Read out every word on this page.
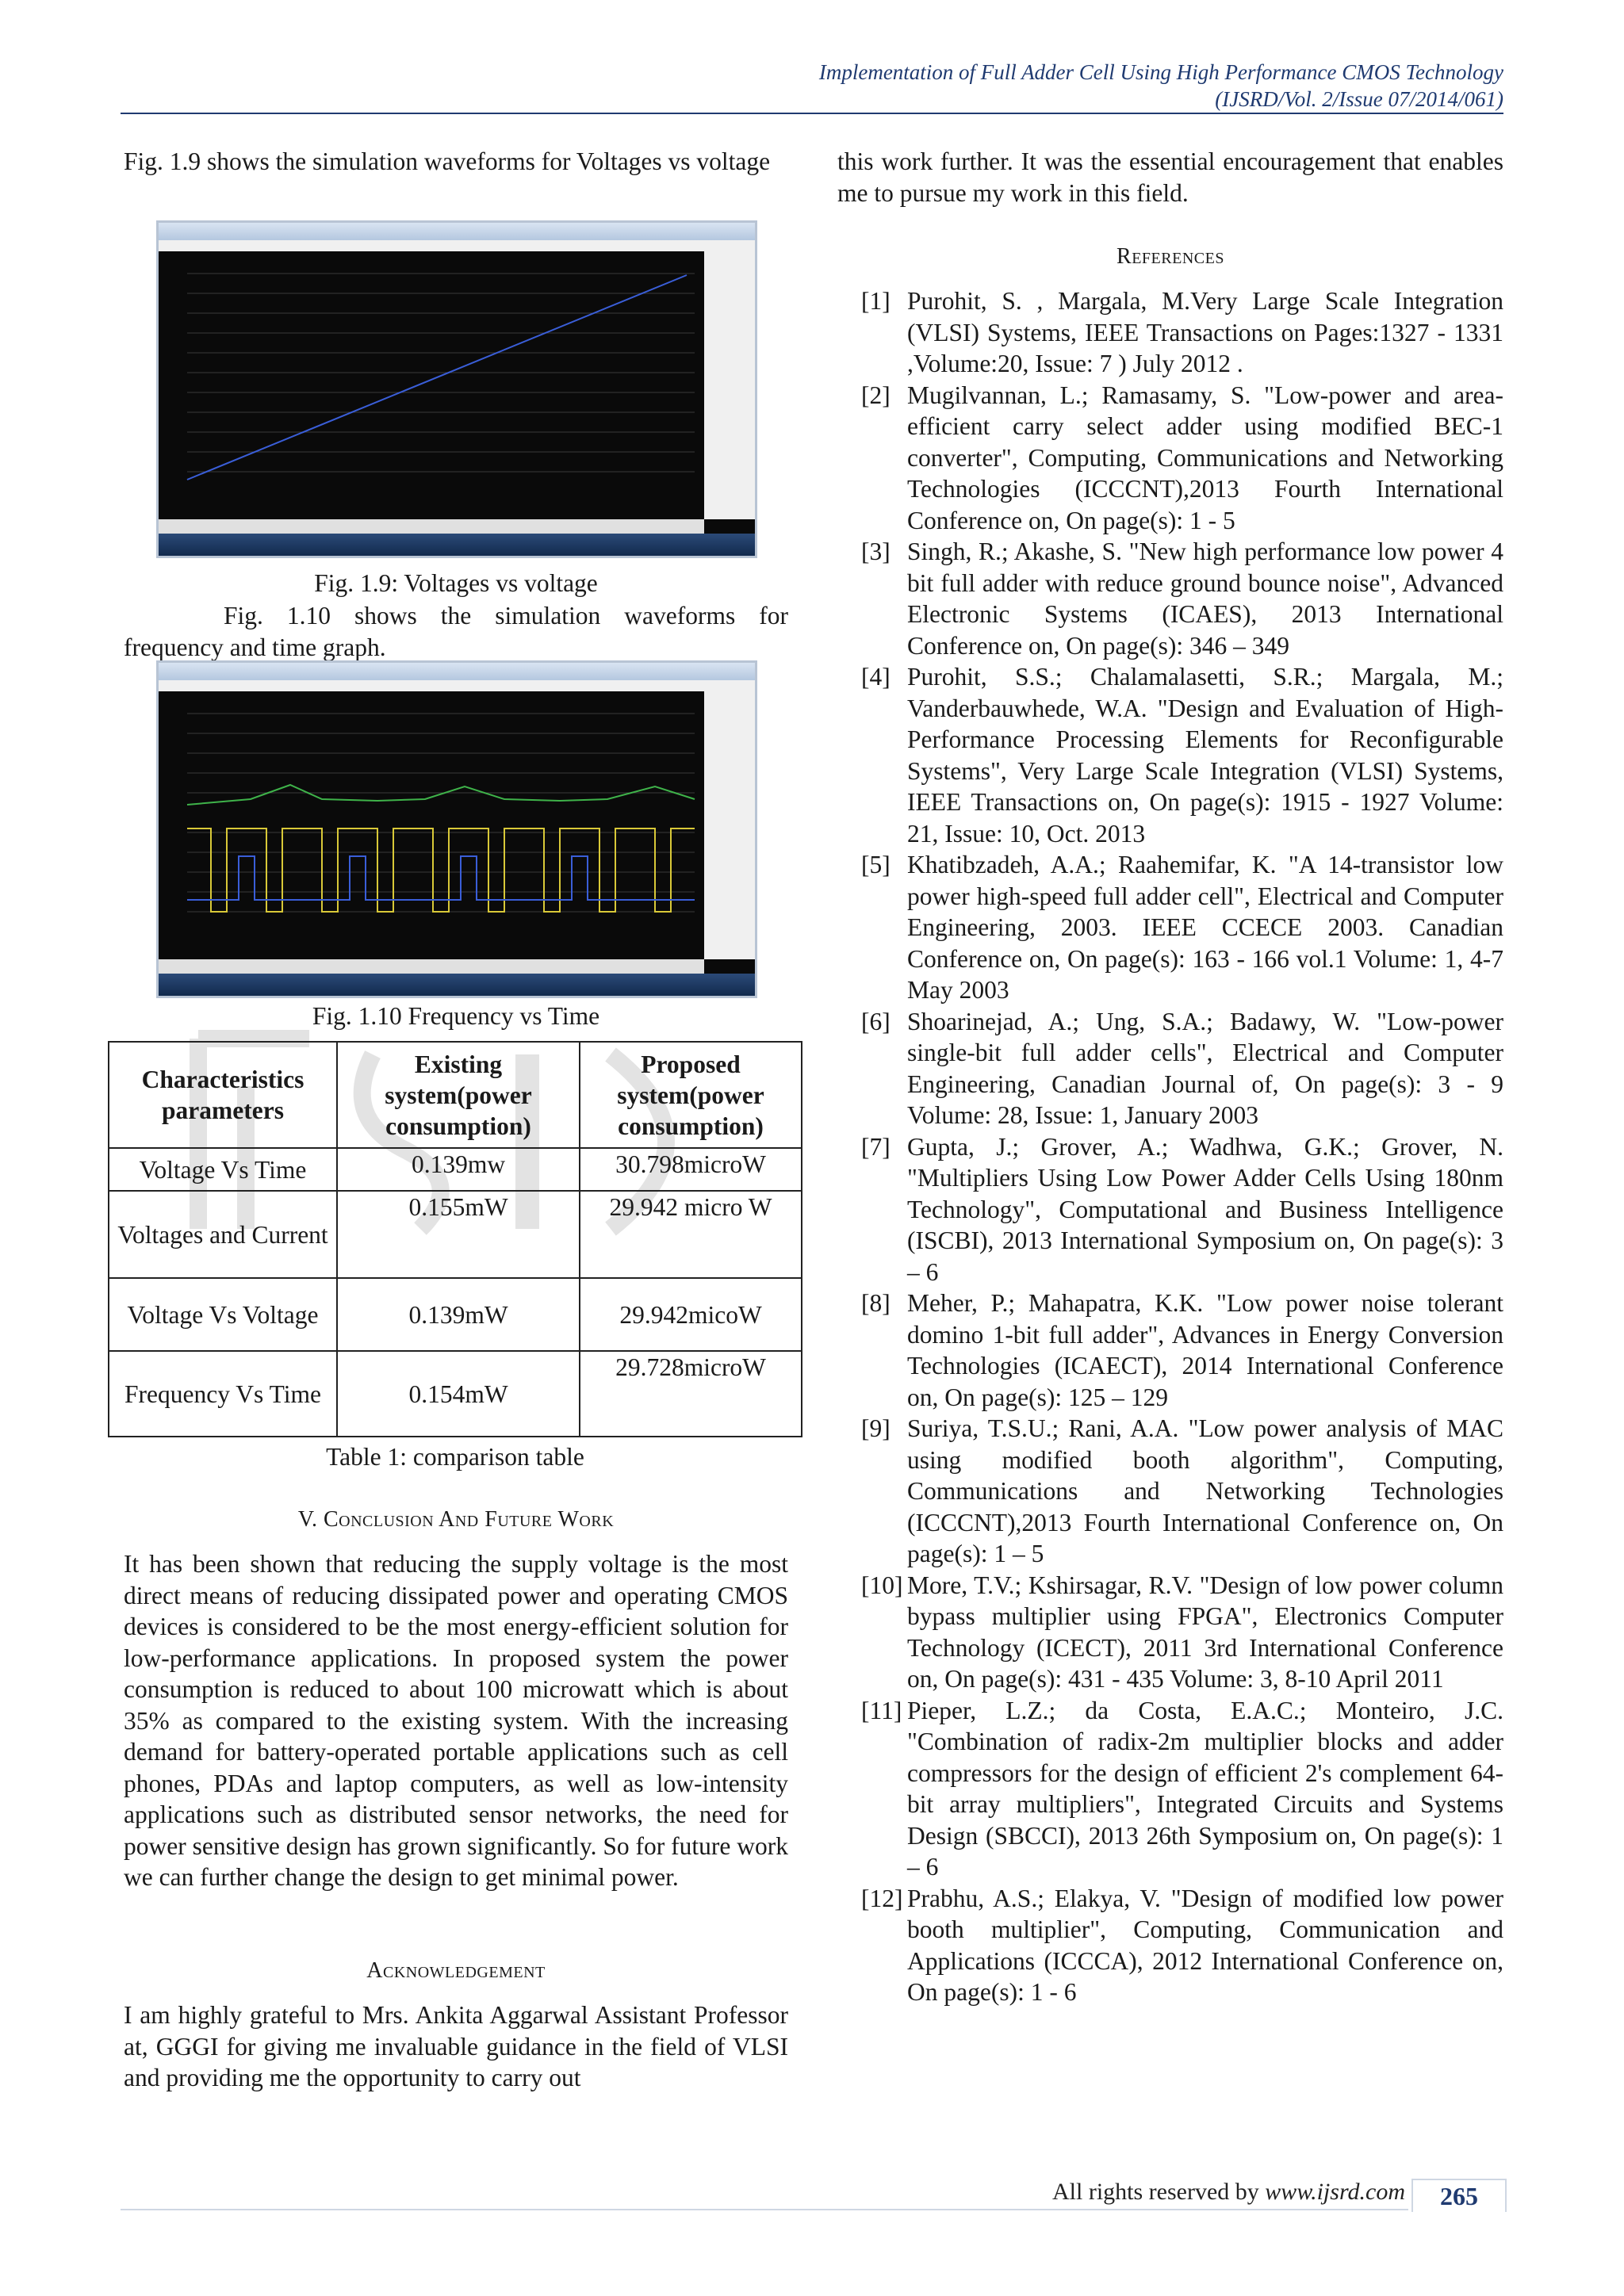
Implementation of Full Adder Cell Using High Performance CMOS Technology
(IJSRD/Vol. 2/Issue 07/2014/061)
Fig. 1.9 shows the simulation waveforms for Voltages vs voltage
Fig. 1.9: Voltages vs voltage
Fig. 1.10 shows the simulation waveforms for frequency and time graph.
Fig. 1.10 Frequency vs Time
Characteristics parameters	Existing system(power consumption)	Proposed system(power consumption)
Voltage Vs Time	0.139mw	30.798microW
Voltages and Current	0.155mW	29.942 micro W
Voltage Vs Voltage	0.139mW	29.942micoW
Frequency Vs Time	0.154mW	29.728microW
Table 1: comparison table
V. Conclusion And Future Work
It has been shown that reducing the supply voltage is the most direct means of reducing dissipated power and operating CMOS devices is considered to be the most energy-efficient solution for low-performance applications. In proposed system the power consumption is reduced to about 100 microwatt which is about 35% as compared to the existing system. With the increasing demand for battery-operated portable applications such as cell phones, PDAs and laptop computers, as well as low-intensity applications such as distributed sensor networks, the need for power sensitive design has grown significantly. So for future work we can further change the design to get minimal power.
Acknowledgement
I am highly grateful to Mrs. Ankita Aggarwal Assistant Professor at, GGGI for giving me invaluable guidance in the field of VLSI and providing me the opportunity to carry out
this work further. It was the essential encouragement that enables me to pursue my work in this field.
References
[1] Purohit, S. , Margala, M.Very Large Scale Integration (VLSI) Systems, IEEE Transactions on Pages:1327 - 1331 ,Volume:20, Issue: 7 ) July 2012 .
[2] Mugilvannan, L.; Ramasamy, S. "Low-power and area-efficient carry select adder using modified BEC-1 converter", Computing, Communications and Networking Technologies (ICCCNT),2013 Fourth International Conference on, On page(s): 1 - 5
[3] Singh, R.; Akashe, S. "New high performance low power 4 bit full adder with reduce ground bounce noise", Advanced Electronic Systems (ICAES), 2013 International Conference on, On page(s): 346 – 349
[4] Purohit, S.S.; Chalamalasetti, S.R.; Margala, M.; Vanderbauwhede, W.A. "Design and Evaluation of High-Performance Processing Elements for Reconfigurable Systems", Very Large Scale Integration (VLSI) Systems, IEEE Transactions on, On page(s): 1915 - 1927 Volume: 21, Issue: 10, Oct. 2013
[5] Khatibzadeh, A.A.; Raahemifar, K. "A 14-transistor low power high-speed full adder cell", Electrical and Computer Engineering, 2003. IEEE CCECE 2003. Canadian Conference on, On page(s): 163 - 166 vol.1 Volume: 1, 4-7 May 2003
[6] Shoarinejad, A.; Ung, S.A.; Badawy, W. "Low-power single-bit full adder cells", Electrical and Computer Engineering, Canadian Journal of, On page(s): 3 - 9 Volume: 28, Issue: 1, January 2003
[7] Gupta, J.; Grover, A.; Wadhwa, G.K.; Grover, N. "Multipliers Using Low Power Adder Cells Using 180nm Technology", Computational and Business Intelligence (ISCBI), 2013 International Symposium on, On page(s): 3 – 6
[8] Meher, P.; Mahapatra, K.K. "Low power noise tolerant domino 1-bit full adder", Advances in Energy Conversion Technologies (ICAECT), 2014 International Conference on, On page(s): 125 – 129
[9] Suriya, T.S.U.; Rani, A.A. "Low power analysis of MAC using modified booth algorithm", Computing, Communications and Networking Technologies (ICCCNT),2013 Fourth International Conference on, On page(s): 1 – 5
[10] More, T.V.; Kshirsagar, R.V. "Design of low power column bypass multiplier using FPGA", Electronics Computer Technology (ICECT), 2011 3rd International Conference on, On page(s): 431 - 435 Volume: 3, 8-10 April 2011
[11] Pieper, L.Z.; da Costa, E.A.C.; Monteiro, J.C. "Combination of radix-2m multiplier blocks and adder compressors for the design of efficient 2's complement 64-bit array multipliers", Integrated Circuits and Systems Design (SBCCI), 2013 26th Symposium on, On page(s): 1 – 6
[12] Prabhu, A.S.; Elakya, V. "Design of modified low power booth multiplier", Computing, Communication and Applications (ICCCA), 2012 International Conference on, On page(s): 1 - 6
All rights reserved by www.ijsrd.com	265
